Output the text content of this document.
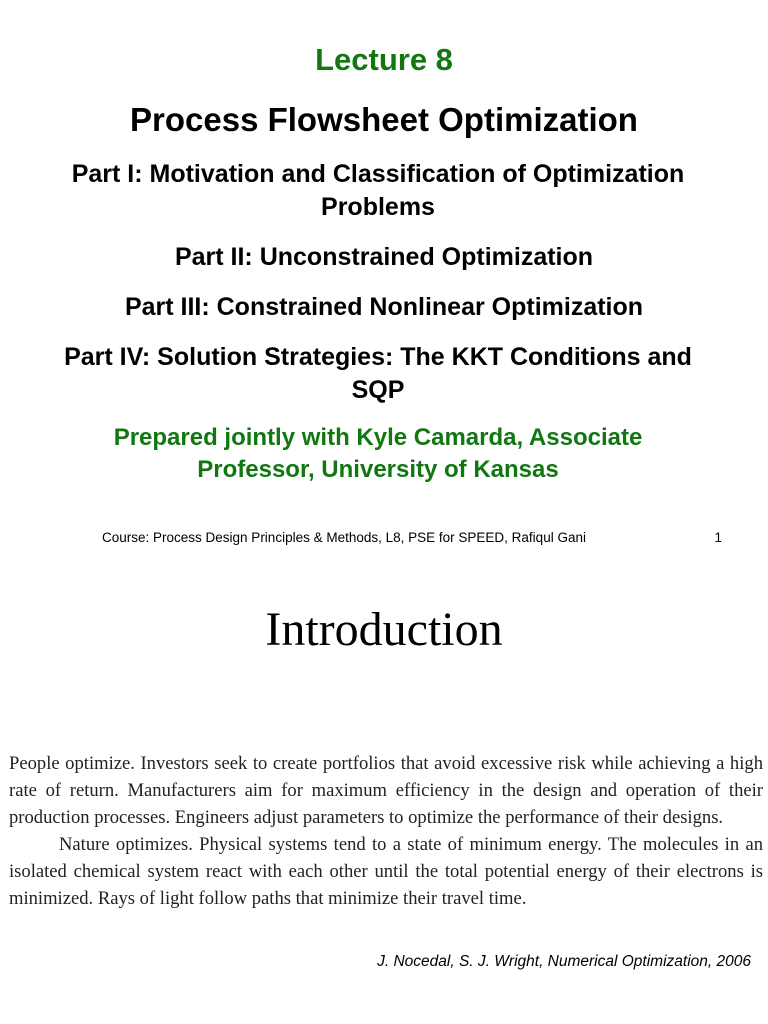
Lecture 8
Process Flowsheet Optimization
Part I: Motivation and Classification of Optimization Problems
Part II: Unconstrained Optimization
Part III: Constrained Nonlinear Optimization
Part IV: Solution Strategies: The KKT Conditions and SQP
Prepared jointly with Kyle Camarda, Associate Professor, University of Kansas
Course: Process Design Principles & Methods, L8, PSE for SPEED, Rafiqul Gani	1
Introduction

People optimize. Investors seek to create portfolios that avoid excessive risk while achieving a high rate of return. Manufacturers aim for maximum efficiency in the design and operation of their production processes. Engineers adjust parameters to optimize the performance of their designs.

Nature optimizes. Physical systems tend to a state of minimum energy. The molecules in an isolated chemical system react with each other until the total potential energy of their electrons is minimized. Rays of light follow paths that minimize their travel time.

J. Nocedal, S. J. Wright, Numerical Optimization, 2006
